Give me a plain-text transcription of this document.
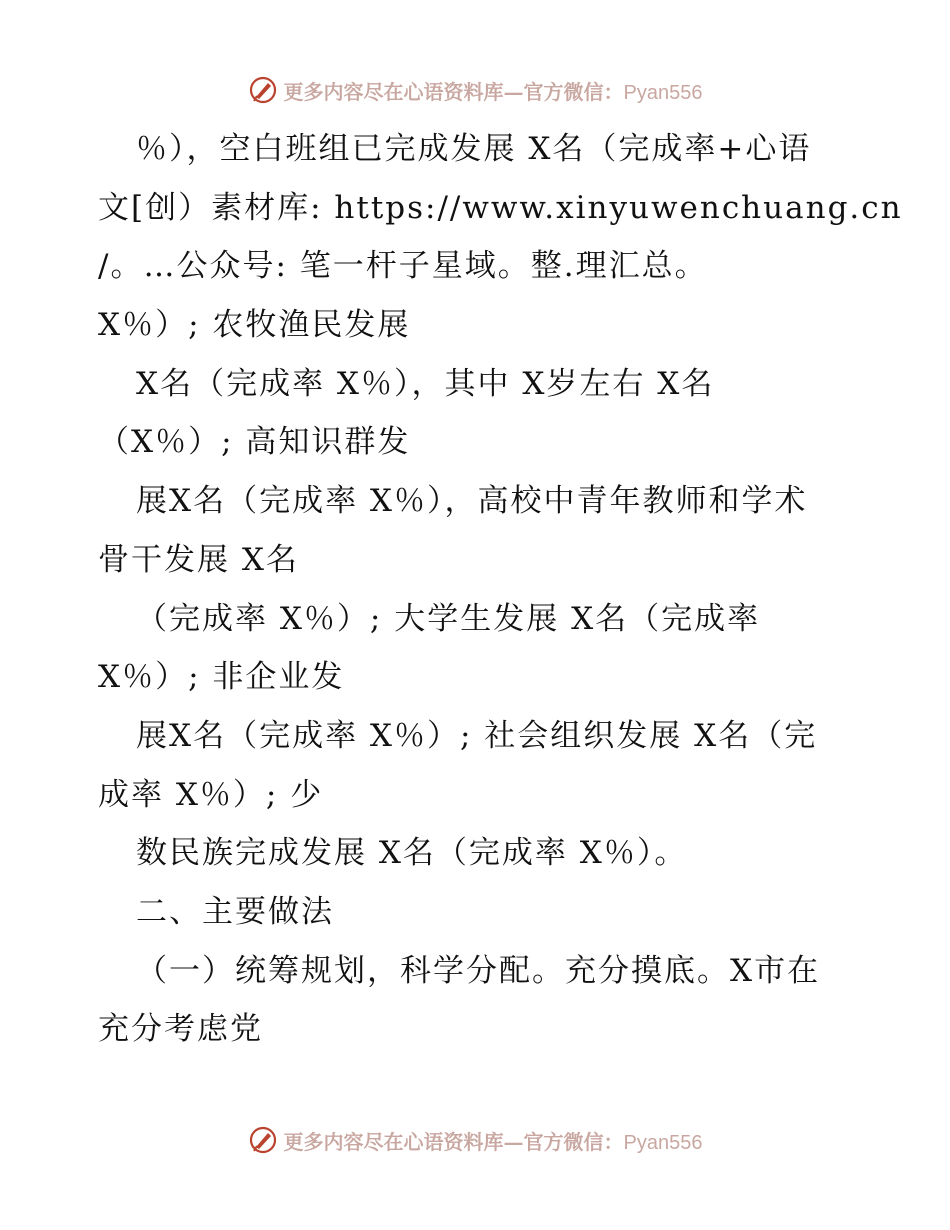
更多内容尽在心语资料库—官方微信：Pyan556
％），空白班组已完成发展 X名（完成率+心语
文[创）素材库: https://www.xinyuwenchuang.cn
/。…公众号: 笔一杆子星域。整.理汇总。
X％）; 农牧渔民发展
X名（完成率 X％），其中 X岁左右 X名
（X％）; 高知识群发
展X名（完成率 X％），高校中青年教师和学术
骨干发展 X名
（完成率 X％）; 大学生发展 X名（完成率
X％）; 非企业发
展X名（完成率 X％）; 社会组织发展 X名（完
成率 X％）; 少
数民族完成发展 X名（完成率 X％）。
二、主要做法
（一）统筹规划，科学分配。充分摸底。X市在
充分考虑党
更多内容尽在心语资料库—官方微信：Pyan556
